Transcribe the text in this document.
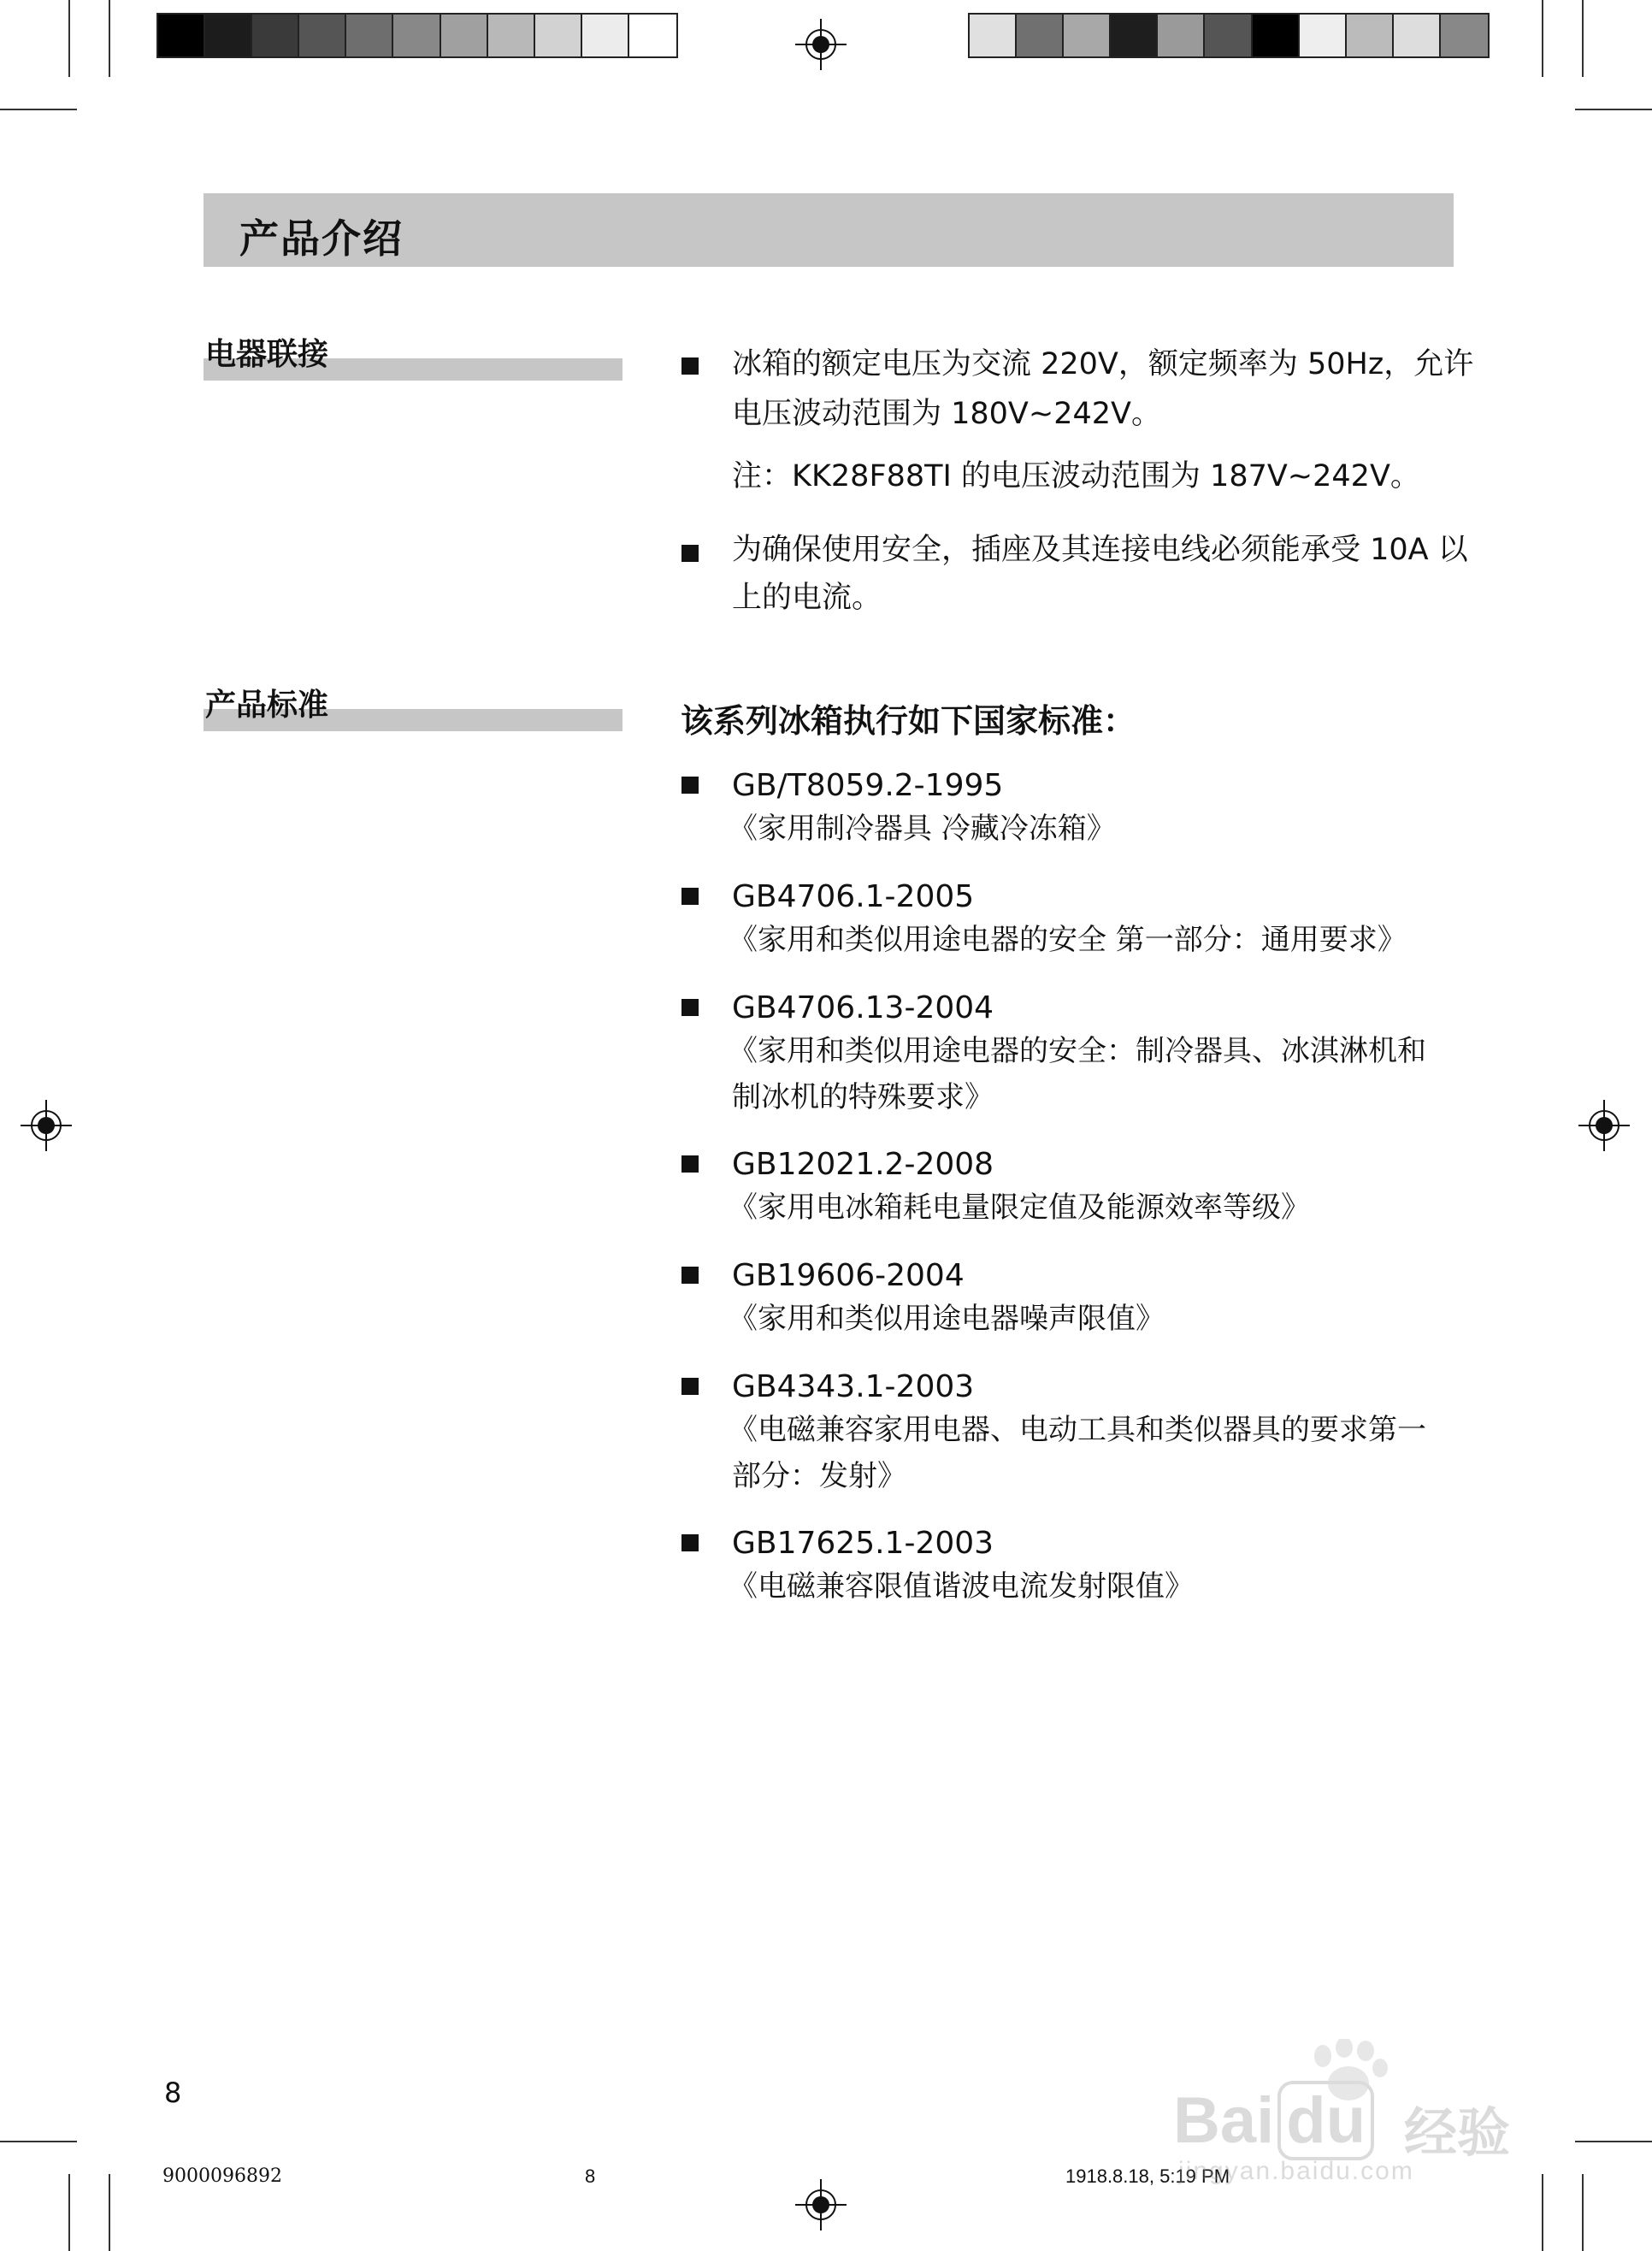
产品介绍
电器联接	冰箱的额定电压为交流 220V，额定频率为 50Hz，允许
电压波动范围为 180V~242V。
注：KK28F88TI 的电压波动范围为 187V~242V。
为确保使用安全，插座及其连接电线必须能承受 10A 以
上的电流。
产品标准	该系列冰箱执行如下国家标准：
GB/T8059.2-1995
《家用制冷器具 冷藏冷冻箱》
GB4706.1-2005
《家用和类似用途电器的安全 第一部分：通用要求》
GB4706.13-2004
《家用和类似用途电器的安全：制冷器具、冰淇淋机和
制冰机的特殊要求》
GB12021.2-2008
《家用电冰箱耗电量限定值及能源效率等级》
GB19606-2004
《家用和类似用途电器噪声限值》
GB4343.1-2003
《电磁兼容家用电器、电动工具和类似器具的要求第一
部分：发射》
GB17625.1-2003
《电磁兼容限值谐波电流发射限值》
8
9000096892	8	1918.8.18, 5:19 PM
Bai du 经验
jingyan.baidu.com
